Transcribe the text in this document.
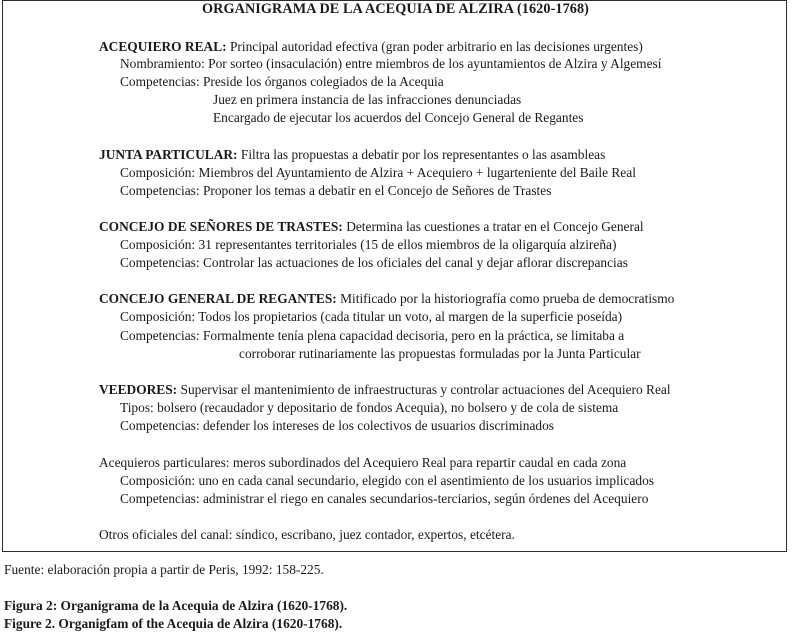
ORGANIGRAMA DE LA ACEQUIA DE ALZIRA (1620-1768)
ACEQUIERO REAL: Principal autoridad efectiva (gran poder arbitrario en las decisiones urgentes)
Nombramiento: Por sorteo (insaculación) entre miembros de los ayuntamientos de Alzira y Algemesí
Competencias: Preside los órganos colegiados de la Acequia
Juez en primera instancia de las infracciones denunciadas
Encargado de ejecutar los acuerdos del Concejo General de Regantes
JUNTA PARTICULAR: Filtra las propuestas a debatir por los representantes o las asambleas
Composición: Miembros del Ayuntamiento de Alzira + Acequiero + lugarteniente del Baile Real
Competencias: Proponer los temas a debatir en el Concejo de Señores de Trastes
CONCEJO DE SEÑORES DE TRASTES: Determina las cuestiones a tratar en el Concejo General
Composición: 31 representantes territoriales (15 de ellos miembros de la oligarquía alzireña)
Competencias: Controlar las actuaciones de los oficiales del canal y dejar aflorar discrepancias
CONCEJO GENERAL DE REGANTES: Mitificado por la historiografía como prueba de democratismo
Composición: Todos los propietarios (cada titular un voto, al margen de la superficie poseída)
Competencias: Formalmente tenía plena capacidad decisoria, pero en la práctica, se limitaba a
corroborar rutinariamente las propuestas formuladas por la Junta Particular
VEEDORES: Supervisar el mantenimiento de infraestructuras y controlar actuaciones del Acequiero Real
Tipos: bolsero (recaudador y depositario de fondos Acequia), no bolsero y de cola de sistema
Competencias: defender los intereses de los colectivos de usuarios discriminados
Acequieros particulares: meros subordinados del Acequiero Real para repartir caudal en cada zona
Composición: uno en cada canal secundario, elegido con el asentimiento de los usuarios implicados
Competencias: administrar el riego en canales secundarios-terciarios, según órdenes del Acequiero
Otros oficiales del canal: síndico, escribano, juez contador, expertos, etcétera.
Fuente: elaboración propia a partir de Peris, 1992: 158-225.
Figura 2: Organigrama de la Acequia de Alzira (1620-1768).
Figure 2. Organigfam of the Acequia de Alzira (1620-1768).
